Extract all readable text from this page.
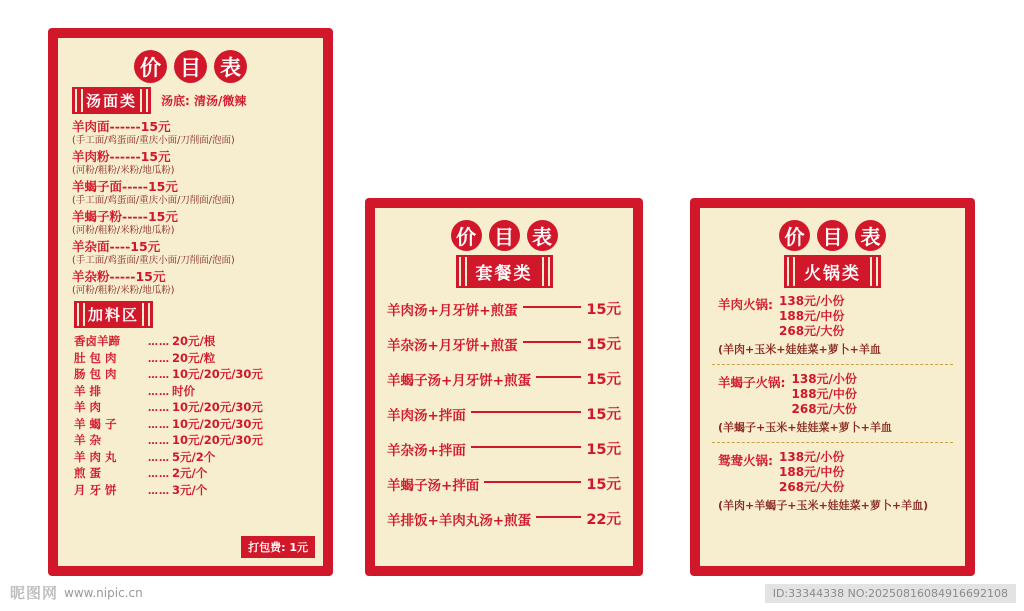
价 目 表
汤面类	汤底: 清汤/微辣
羊肉面------15元
(手工面/鸡蛋面/重庆小面/刀削面/泡面)
羊肉粉------15元
(河粉/粗粉/米粉/地瓜粉)
羊蝎子面-----15元
(手工面/鸡蛋面/重庆小面/刀削面/泡面)
羊蝎子粉-----15元
(河粉/粗粉/米粉/地瓜粉)
羊杂面----15元
(手工面/鸡蛋面/重庆小面/刀削面/泡面)
羊杂粉-----15元
(河粉/粗粉/米粉/地瓜粉)
加料区
香卤羊蹄	…… 20元/根
肚 包 肉	…… 20元/粒
肠 包 肉	…… 10元/20元/30元
羊 排	…… 时价
羊 肉	…… 10元/20元/30元
羊 蝎 子	…… 10元/20元/30元
羊 杂	…… 10元/20元/30元
羊 肉 丸	…… 5元/2个
煎 蛋	…… 2元/个
月 牙 饼	…… 3元/个
打包费: 1元
价 目 表
套餐类
羊肉汤+月牙饼+煎蛋	15元
羊杂汤+月牙饼+煎蛋	15元
羊蝎子汤+月牙饼+煎蛋	15元
羊肉汤+拌面	15元
羊杂汤+拌面	15元
羊蝎子汤+拌面	15元
羊排饭+羊肉丸汤+煎蛋	22元
价 目 表
火锅类
羊肉火锅: 138元/小份
188元/中份
268元/大份
(羊肉+玉米+娃娃菜+萝卜+羊血
羊蝎子火锅: 138元/小份
188元/中份
268元/大份
(羊蝎子+玉米+娃娃菜+萝卜+羊血
鸳鸯火锅: 138元/小份
188元/中份
268元/大份
(羊肉+羊蝎子+玉米+娃娃菜+萝卜+羊血)
昵图网 www.nipic.cn	ID:33344338 NO:20250816084916692108
